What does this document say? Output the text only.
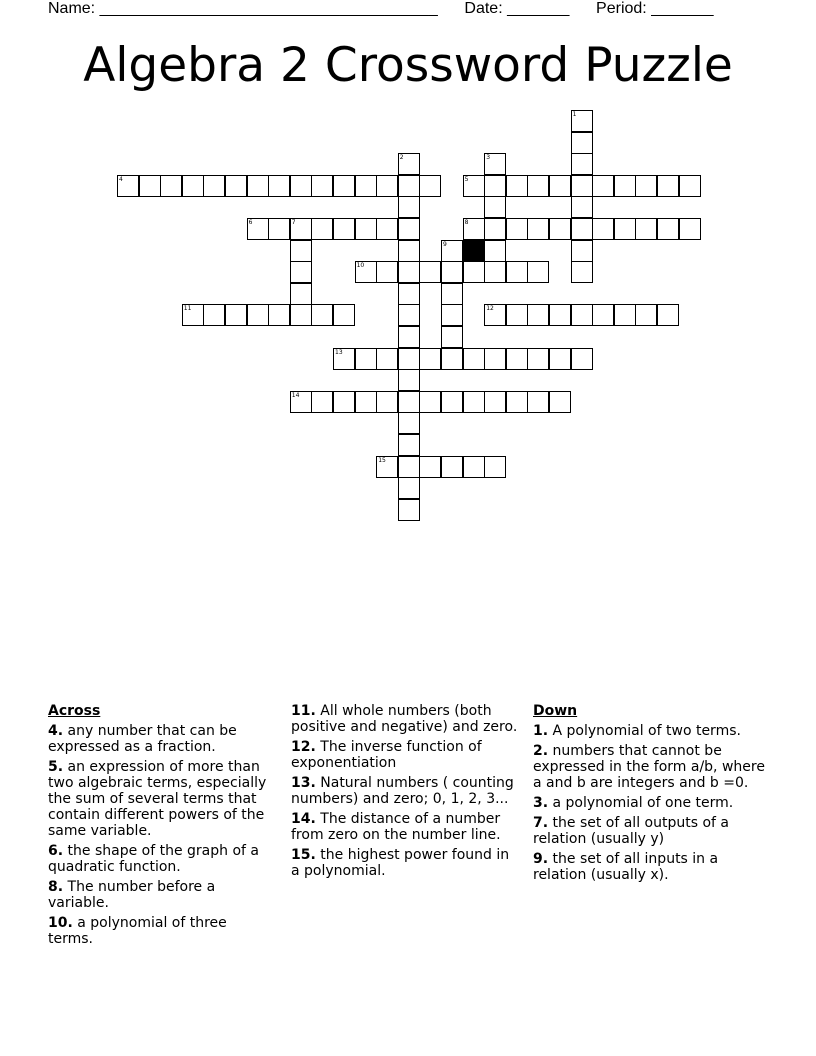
Name: ______________________________________ Date: _______ Period: _______
Algebra 2 Crossword Puzzle
1
2	3
4	5
6	7	8
9
10
11	12
13
14
15
Across
4. any number that can be expressed as a fraction.
5. an expression of more than two algebraic terms, especially the sum of several terms that contain different powers of the same variable.
6. the shape of the graph of a quadratic function.
8. The number before a variable.
10. a polynomial of three terms.
11. All whole numbers (both positive and negative) and zero.
12. The inverse function of exponentiation
13. Natural numbers ( counting numbers) and zero; 0, 1, 2, 3...
14. The distance of a number from zero on the number line.
15. the highest power found in a polynomial.
Down
1. A polynomial of two terms.
2. numbers that cannot be expressed in the form a/b, where a and b are integers and b =0.
3. a polynomial of one term.
7. the set of all outputs of a relation (usually y)
9. the set of all inputs in a relation (usually x).
